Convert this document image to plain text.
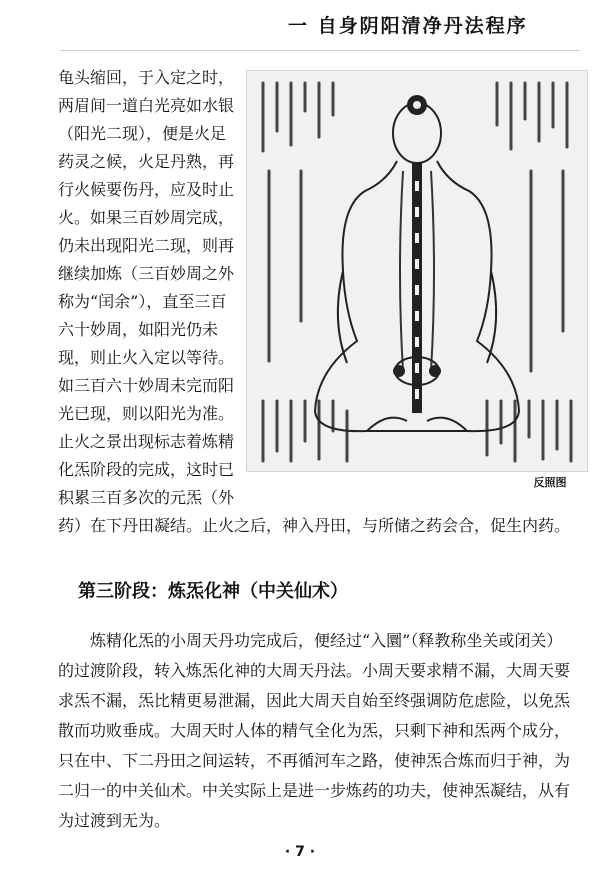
一 自身阴阳清净丹法程序

龟头缩回，于入定之时，两眉间一道白光亮如水银（阳光二现），便是火足药灵之候，火足丹熟，再行火候要伤丹，应及时止火。如果三百妙周完成，仍未出现阳光二现，则再继续加炼（三百妙周之外称为“闰余”），直至三百六十妙周，如阳光仍未现，则止火入定以等待。如三百六十妙周未完而阳光已现，则以阳光为准。止火之景出现标志着炼精化炁阶段的完成，这时已积累三百多次的元炁（外

反照图

药）在下丹田凝结。止火之后，神入丹田，与所储之药会合，促生内药。

第三阶段：炼炁化神（中关仙术）

炼精化炁的小周天丹功完成后，便经过“入圜”（释教称坐关或闭关）的过渡阶段，转入炼炁化神的大周天丹法。小周天要求精不漏，大周天要求炁不漏，炁比精更易泄漏，因此大周天自始至终强调防危虑险，以免炁散而功败垂成。大周天时人体的精气全化为炁，只剩下神和炁两个成分，只在中、下二丹田之间运转，不再循河车之路，使神炁合炼而归于神，为二归一的中关仙术。中关实际上是进一步炼药的功夫，使神炁凝结，从有为过渡到无为。

· 7 ·
